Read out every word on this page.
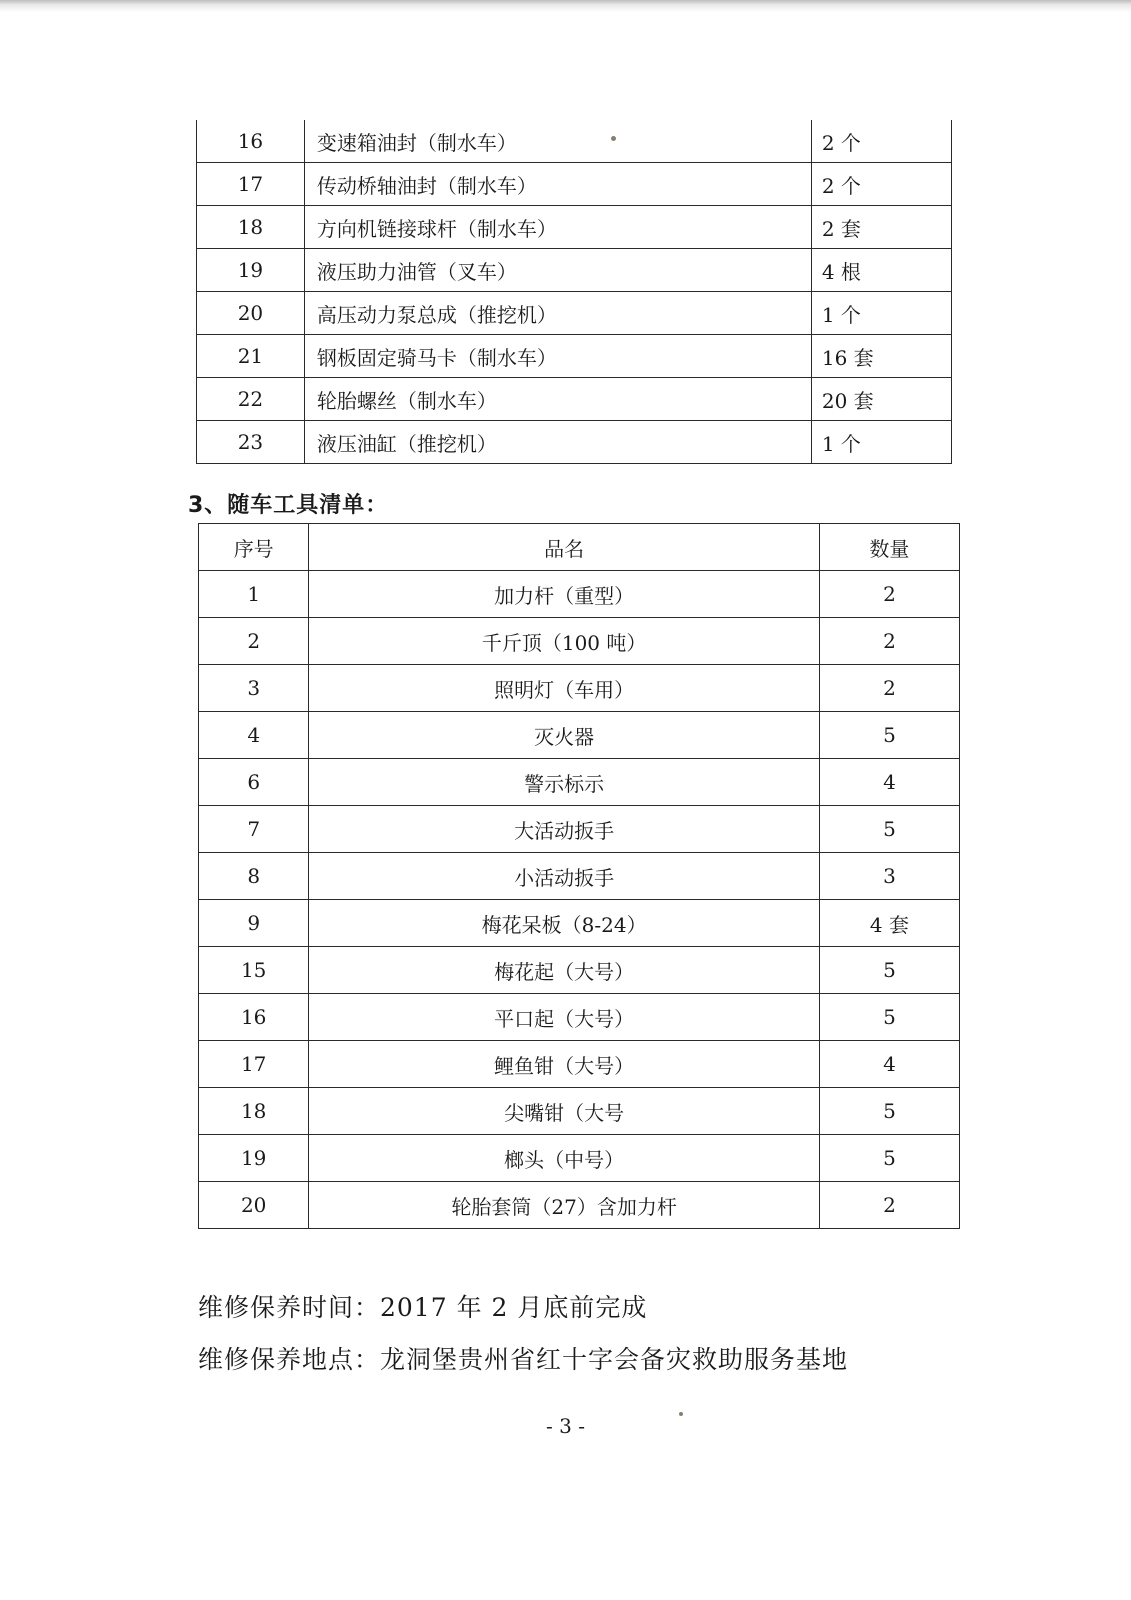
16	变速箱油封（制水车）	2 个
17	传动桥轴油封（制水车）	2 个
18	方向机链接球杆（制水车）	2 套
19	液压助力油管（叉车）	4 根
20	高压动力泵总成（推挖机）	1 个
21	钢板固定骑马卡（制水车）	16 套
22	轮胎螺丝（制水车）	20 套
23	液压油缸（推挖机）	1 个
3、随车工具清单：
序号	品名	数量
1	加力杆（重型）	2
2	千斤顶（100 吨）	2
3	照明灯（车用）	2
4	灭火器	5
6	警示标示	4
7	大活动扳手	5
8	小活动扳手	3
9	梅花呆板（8-24）	4 套
15	梅花起（大号）	5
16	平口起（大号）	5
17	鲤鱼钳（大号）	4
18	尖嘴钳（大号	5
19	榔头（中号）	5
20	轮胎套筒（27）含加力杆	2

维修保养时间：2017 年 2 月底前完成

维修保养地点：龙洞堡贵州省红十字会备灾救助服务基地

- 3 -
